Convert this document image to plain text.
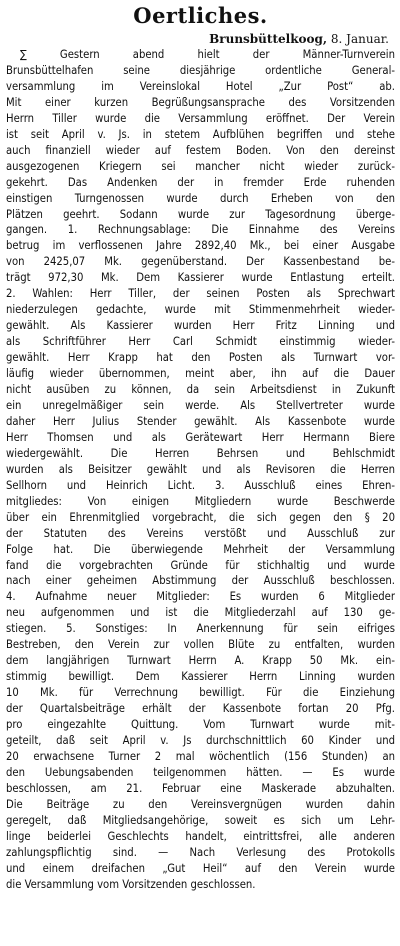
Oertliches.
Brunsbüttelkoog, 8. Januar.
∑ Gestern abend hielt der Männer-Turnverein
Brunsbüttelhafen seine diesjährige ordentliche General-
versammlung im Vereinslokal Hotel „Zur Post“ ab.
Mit einer kurzen Begrüßungsansprache des Vorsitzenden
Herrn Tiller wurde die Versammlung eröffnet. Der Verein
ist seit April v. Js. in stetem Aufblühen begriffen und stehe
auch finanziell wieder auf festem Boden. Von den dereinst
ausgezogenen Kriegern sei mancher nicht wieder zurück-
gekehrt. Das Andenken der in fremder Erde ruhenden
einstigen Turngenossen wurde durch Erheben von den
Plätzen geehrt. Sodann wurde zur Tagesordnung überge-
gangen. 1. Rechnungsablage: Die Einnahme des Vereins
betrug im verflossenen Jahre 2892,40 Mk., bei einer Ausgabe
von 2425,07 Mk. gegenüberstand. Der Kassenbestand be-
trägt 972,30 Mk. Dem Kassierer wurde Entlastung erteilt.
2. Wahlen: Herr Tiller, der seinen Posten als Sprechwart
niederzulegen gedachte, wurde mit Stimmenmehrheit wieder-
gewählt. Als Kassierer wurden Herr Fritz Linning und
als Schriftführer Herr Carl Schmidt einstimmig wieder-
gewählt. Herr Krapp hat den Posten als Turnwart vor-
läufig wieder übernommen, meint aber, ihn auf die Dauer
nicht ausüben zu können, da sein Arbeitsdienst in Zukunft
ein unregelmäßiger sein werde. Als Stellvertreter wurde
daher Herr Julius Stender gewählt. Als Kassenbote wurde
Herr Thomsen und als Gerätewart Herr Hermann Biere
wiedergewählt. Die Herren Behrsen und Behlschmidt
wurden als Beisitzer gewählt und als Revisoren die Herren
Sellhorn und Heinrich Licht. 3. Ausschluß eines Ehren-
mitgliedes: Von einigen Mitgliedern wurde Beschwerde
über ein Ehrenmitglied vorgebracht, die sich gegen den § 20
der Statuten des Vereins verstößt und Ausschluß zur
Folge hat. Die überwiegende Mehrheit der Versammlung
fand die vorgebrachten Gründe für stichhaltig und wurde
nach einer geheimen Abstimmung der Ausschluß beschlossen.
4. Aufnahme neuer Mitglieder: Es wurden 6 Mitglieder
neu aufgenommen und ist die Mitgliederzahl auf 130 ge-
stiegen. 5. Sonstiges: In Anerkennung für sein eifriges
Bestreben, den Verein zur vollen Blüte zu entfalten, wurden
dem langjährigen Turnwart Herrn A. Krapp 50 Mk. ein-
stimmig bewilligt. Dem Kassierer Herrn Linning wurden
10 Mk. für Verrechnung bewilligt. Für die Einziehung
der Quartalsbeiträge erhält der Kassenbote fortan 20 Pfg.
pro eingezahlte Quittung. Vom Turnwart wurde mit-
geteilt, daß seit April v. Js durchschnittlich 60 Kinder und
20 erwachsene Turner 2 mal wöchentlich (156 Stunden) an
den Uebungsabenden teilgenommen hätten. — Es wurde
beschlossen, am 21. Februar eine Maskerade abzuhalten.
Die Beiträge zu den Vereinsvergnügen wurden dahin
geregelt, daß Mitgliedsangehörige, soweit es sich um Lehr-
linge beiderlei Geschlechts handelt, eintrittsfrei, alle anderen
zahlungspflichtig sind. — Nach Verlesung des Protokolls
und einem dreifachen „Gut Heil“ auf den Verein wurde
die Versammlung vom Vorsitzenden geschlossen.
